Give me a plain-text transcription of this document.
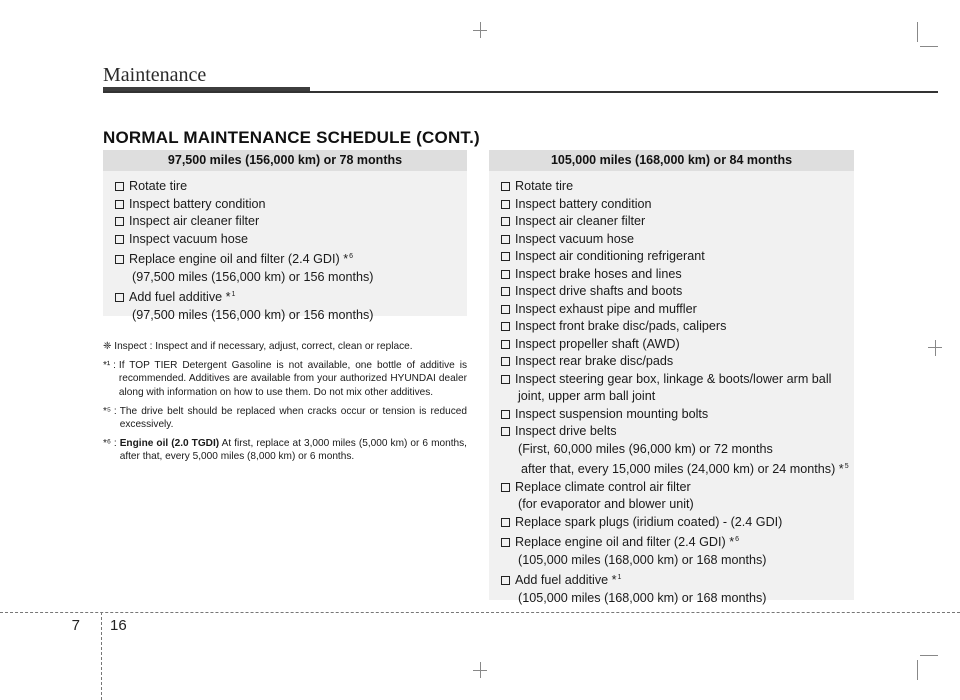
Maintenance
NORMAL MAINTENANCE SCHEDULE (CONT.)
97,500 miles (156,000 km) or 78 months
Rotate tire
Inspect battery condition
Inspect air cleaner filter
Inspect vacuum hose
Replace engine oil and filter (2.4 GDI) *$^6$
(97,500 miles (156,000 km) or 156 months)
Add fuel additive *$^1$
(97,500 miles (156,000 km) or 156 months)
105,000 miles (168,000 km) or 84 months
Rotate tire
Inspect battery condition
Inspect air cleaner filter
Inspect vacuum hose
Inspect air conditioning refrigerant
Inspect brake hoses and lines
Inspect drive shafts and boots
Inspect exhaust pipe and muffler
Inspect front brake disc/pads, calipers
Inspect propeller shaft (AWD)
Inspect rear brake disc/pads
Inspect steering gear box, linkage & boots/lower arm ball
joint, upper arm ball joint
Inspect suspension mounting bolts
Inspect drive belts
(First, 60,000 miles (96,000 km) or 72 months
after that, every 15,000 miles (24,000 km) or 24 months) *$^5$
Replace climate control air filter
(for evaporator and blower unit)
Replace spark plugs (iridium coated) - (2.4 GDI)
Replace engine oil and filter (2.4 GDI) *$^6$
(105,000 miles (168,000 km) or 168 months)
Add fuel additive *$^1$
(105,000 miles (168,000 km) or 168 months)
❈ Inspect : Inspect and if necessary, adjust, correct, clean or replace.
*¹ : If TOP TIER Detergent Gasoline is not available, one bottle of additive is recommended. Additives are available from your authorized HYUNDAI dealer along with information on how to use them. Do not mix other additives.
*⁵ : The drive belt should be replaced when cracks occur or tension is reduced excessively.
*⁶ : Engine oil (2.0 TGDI) At first, replace at 3,000 miles (5,000 km) or 6 months, after that, every 5,000 miles (8,000 km) or 6 months.
7 16
